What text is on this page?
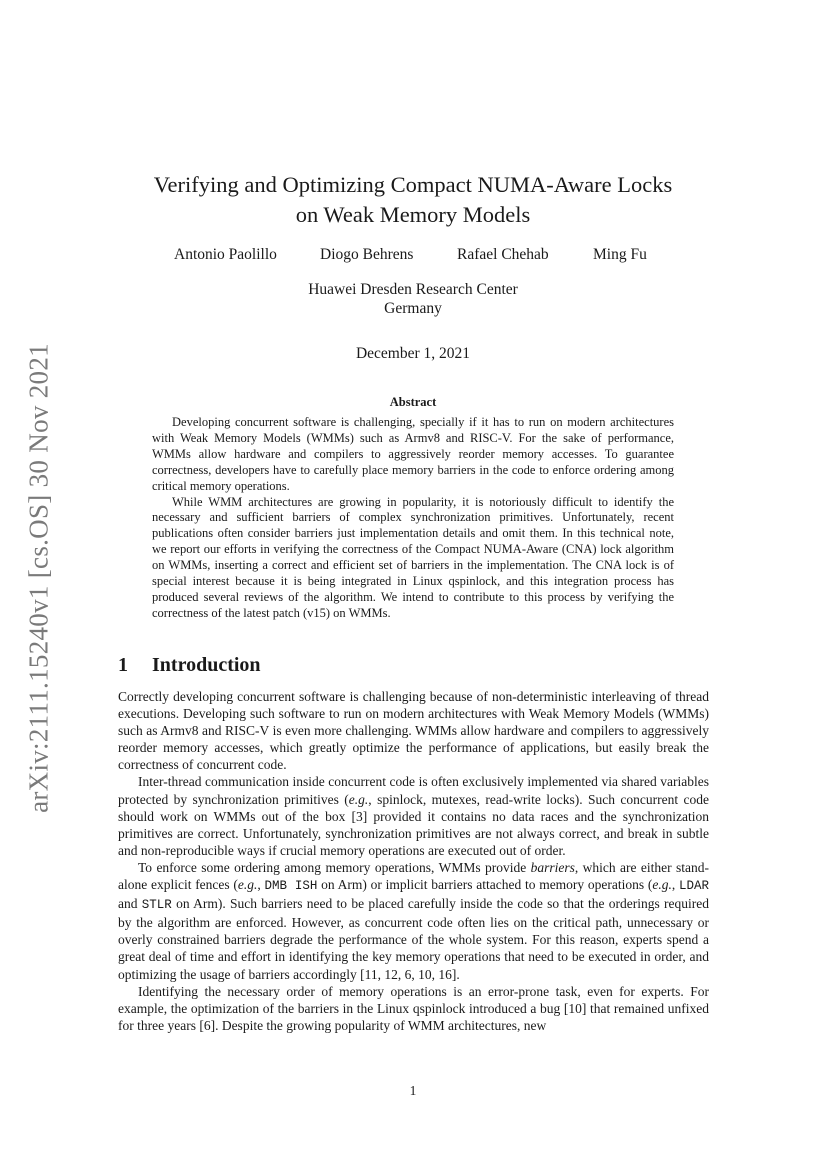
arXiv:2111.15240v1 [cs.OS] 30 Nov 2021
Verifying and Optimizing Compact NUMA-Aware Locks
on Weak Memory Models
Antonio Paolillo	Diogo Behrens	Rafael Chehab	Ming Fu
Huawei Dresden Research Center
Germany
December 1, 2021
Abstract

Developing concurrent software is challenging, specially if it has to run on modern architectures with Weak Memory Models (WMMs) such as Armv8 and RISC-V. For the sake of performance, WMMs allow hardware and compilers to aggressively reorder memory accesses. To guarantee correctness, developers have to carefully place memory barriers in the code to enforce ordering among critical memory operations.

While WMM architectures are growing in popularity, it is notoriously difficult to identify the necessary and sufficient barriers of complex synchronization primitives. Unfortunately, recent publications often consider barriers just implementation details and omit them. In this technical note, we report our efforts in verifying the correctness of the Compact NUMA-Aware (CNA) lock algorithm on WMMs, inserting a correct and efficient set of barriers in the implementation. The CNA lock is of special interest because it is being integrated in Linux qspinlock, and this integration process has produced several reviews of the algorithm. We intend to contribute to this process by verifying the correctness of the latest patch (v15) on WMMs.

1 Introduction

Correctly developing concurrent software is challenging because of non-deterministic interleaving of thread executions. Developing such software to run on modern architectures with Weak Memory Models (WMMs) such as Armv8 and RISC-V is even more challenging. WMMs allow hardware and compilers to aggressively reorder memory accesses, which greatly optimize the performance of applications, but easily break the correctness of concurrent code.

Inter-thread communication inside concurrent code is often exclusively implemented via shared variables protected by synchronization primitives (e.g., spinlock, mutexes, read-write locks). Such concurrent code should work on WMMs out of the box [3] provided it contains no data races and the synchronization primitives are correct. Unfortunately, synchronization primitives are not always correct, and break in subtle and non-reproducible ways if crucial memory operations are executed out of order.

To enforce some ordering among memory operations, WMMs provide barriers, which are either stand-alone explicit fences (e.g., DMB ISH on Arm) or implicit barriers attached to memory operations (e.g., LDAR and STLR on Arm). Such barriers need to be placed carefully inside the code so that the orderings required by the algorithm are enforced. However, as concurrent code often lies on the critical path, unnecessary or overly constrained barriers degrade the performance of the whole system. For this reason, experts spend a great deal of time and effort in identifying the key memory operations that need to be executed in order, and optimizing the usage of barriers accordingly [11, 12, 6, 10, 16].

Identifying the necessary order of memory operations is an error-prone task, even for experts. For example, the optimization of the barriers in the Linux qspinlock introduced a bug [10] that remained unfixed for three years [6]. Despite the growing popularity of WMM architectures, new

1
